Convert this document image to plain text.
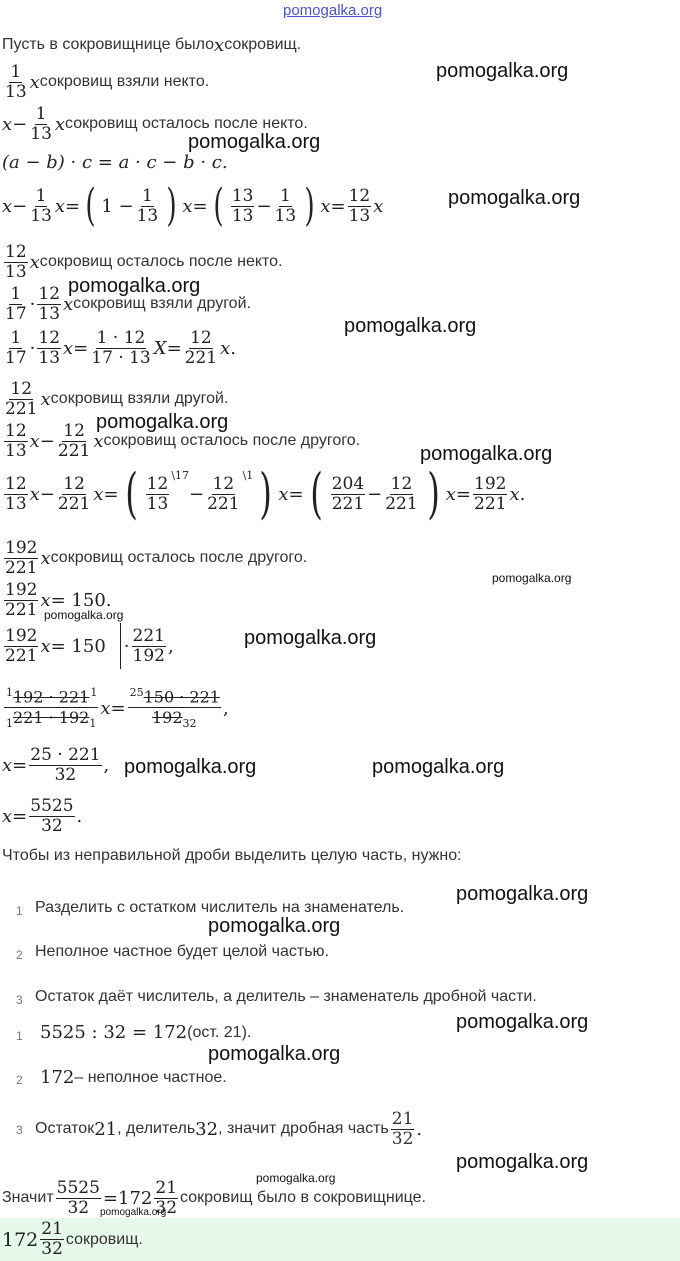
pomogalka.org
Пусть в сокровищнице было x сокровищ.
1
13 x сокровищ взяли некто.
$x - \frac{1}{13}$ x сокровищ осталось после некто.
(a − b) · c = a · c − b · c.
$x - \frac{1}{13}$ x = ( $1 - \frac{1}{13}$ ) x = ( 13
$13 - \frac{1}{13}$ ) $x = \frac{12}{13}$ x
12
13 x сокровищ осталось после некто.
1
17 · 12
13 x сокровищ взяли другой.
1
17 · 12
13 $x = \frac{1 \cdot 12}{17 \cdot 13}$ $X = \frac{12}{221}$ x .
12
221 x сокровищ взяли другой.
12
13 $x - \frac{12}{221}$ x сокровищ осталось после другого.
12
13 $x - \frac{12}{221}$ x = ( 12
13
\17
− $\frac{12}{221}$ \1 ) x = ( 204
$221 - \frac{12}{221}$ ) $x = \frac{192}{221}$ x .
192
221 x сокровищ осталось после другого.
192
221 x = 150 .
192
221 x = 150 · 221
192 ,
$^1192 \cdot 221^1$
$_1221 \cdot 192_1$
$x = \frac{^{25}150 \cdot 221}{192_{32}}$ ,
$x = \frac{25 \cdot 221}{32}$ ,
$x = \frac{5525}{32}$ .
Чтобы из неправильной дроби выделить целую часть, нужно:
1 Разделить с остатком числитель на знаменатель.
2 Неполное частное будет целой частью.
3 Остаток даёт числитель, а делитель – знаменатель дробной части.
1 5525 : 32 = 172 (ост. 21).
2 172 – неполное частное.
3 Остаток 21 , делитель 32 , значит дробная часть 21
32 .
Значит $\frac{5525}{32} = 172$ 21
32 сокровищ было в сокровищнице.
172 21
32 сокровищ.
pomogalka.org
pomogalka.org
pomogalka.org
pomogalka.org
pomogalka.org
pomogalka.org
pomogalka.org
pomogalka.org
pomogalka.org
pomogalka.org
pomogalka.org	pomogalka.org
pomogalka.org
pomogalka.org
pomogalka.org
pomogalka.org
pomogalka.org
pomogalka.org
pomogalka.org
